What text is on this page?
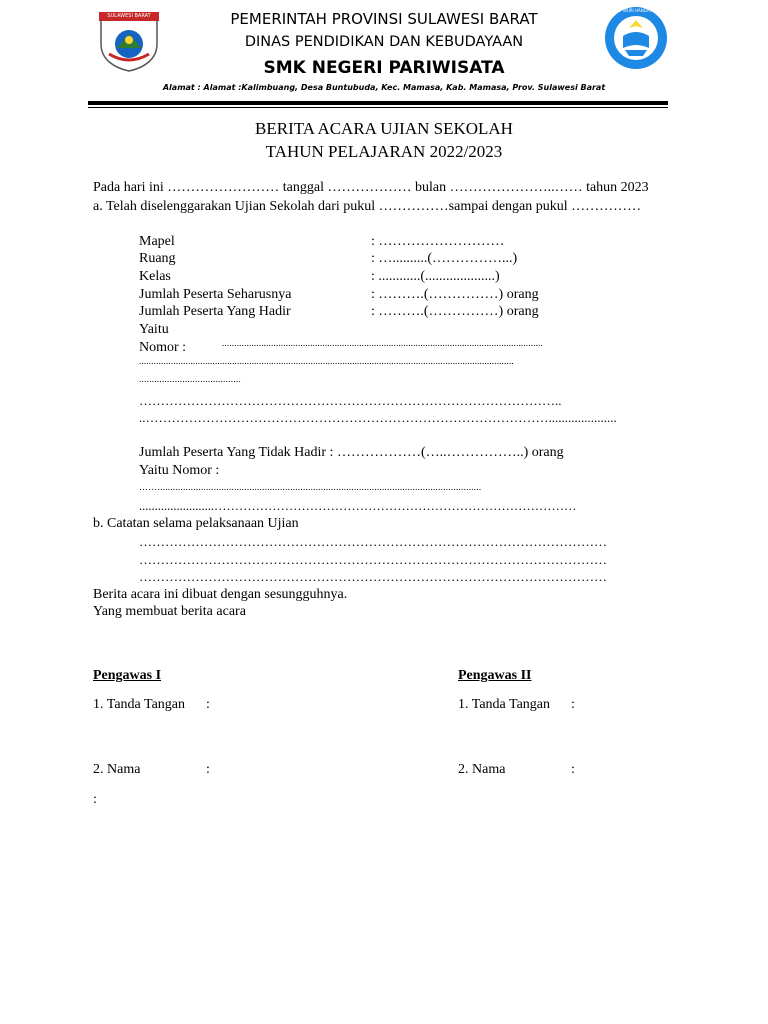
SULAWESI BARAT
TUT WURI HANDAYANI
PEMERINTAH PROVINSI SULAWESI BARAT
DINAS PENDIDIKAN DAN KEBUDAYAAN
SMK NEGERI PARIWISATA
Alamat : Alamat :Kalimbuang, Desa Buntubuda, Kec. Mamasa, Kab. Mamasa, Prov. Sulawesi Barat
BERITA ACARA UJIAN SEKOLAH
TAHUN PELAJARAN 2022/2023
Pada hari ini …………………… tanggal ……………… bulan …………………..…… tahun 2023
a. Telah diselenggarakan Ujian Sekolah dari pukul ……………sampai dengan pukul ……………
Mapel	: ………………………
Ruang	: …..........(……………...)
Kelas	: ............(....................)
Jumlah Peserta Seharusnya	: ……….(……………) orang
Jumlah Peserta Yang Hadir	: ……….(……………) orang
Yaitu
Nomor :	...................................................................................................................................
.........................................................................................................................................................
........................................
……………………………………………………………………………………..
..………………………………………………………………………………….....................
Jumlah Peserta Yang Tidak Hadir : ………………(…..……………..) orang
Yaitu Nomor :
……...............................................................................................................................
........................……………………………………………………………………………
b. Catatan selama pelaksanaan Ujian
………………………………………………………………………………………………
………………………………………………………………………………………………
………………………………………………………………………………………………
Berita acara ini dibuat dengan sesungguhnya.
Yang membuat berita acara
Pengawas I	Pengawas II
1. Tanda Tangan :	1. Tanda Tangan :
2. Nama	:	2. Nama	:
:
